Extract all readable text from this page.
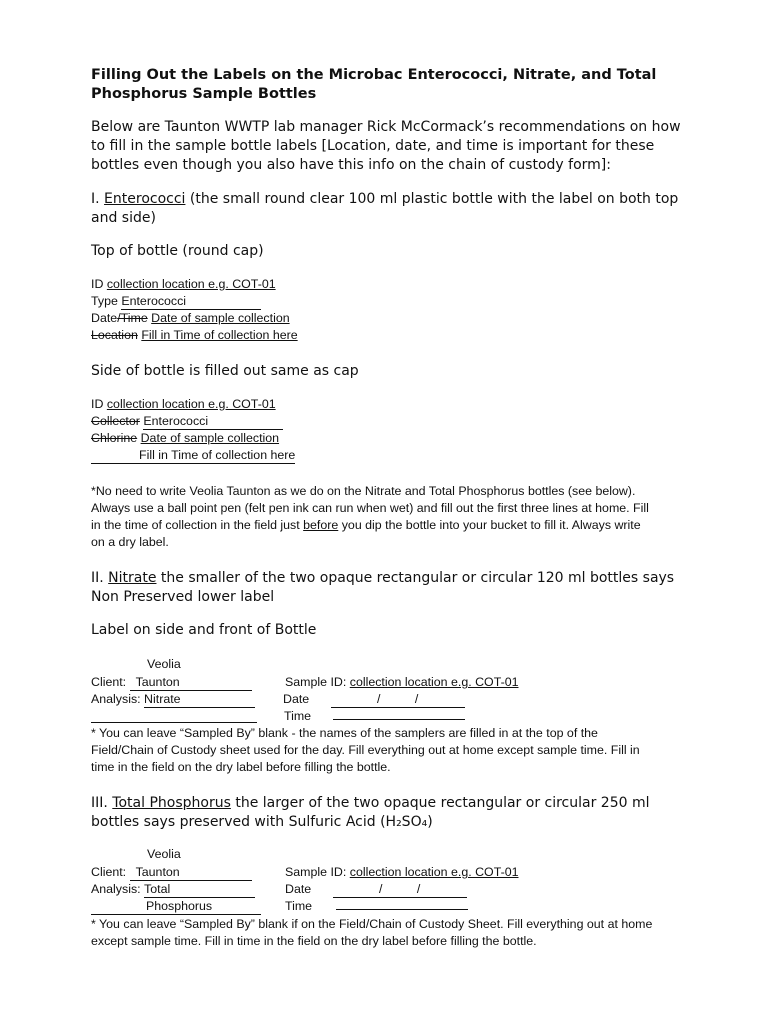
Filling Out the Labels on the Microbac Enterococci, Nitrate, and Total
Phosphorus Sample Bottles
Below are Taunton WWTP lab manager Rick McCormack’s recommendations on how
to fill in the sample bottle labels [Location, date, and time is important for these
bottles even though you also have this info on the chain of custody form]:
I. Enterococci (the small round clear 100 ml plastic bottle with the label on both top
and side)
Top of bottle (round cap)
ID collection location e.g. COT-01
Type Enterococci
Date/Time Date of sample collection
Location Fill in Time of collection here
Side of bottle is filled out same as cap
ID collection location e.g. COT-01
Collector Enterococci
Chlorine Date of sample collection
Fill in Time of collection here
*No need to write Veolia Taunton as we do on the Nitrate and Total Phosphorus bottles (see below).
Always use a ball point pen (felt pen ink can run when wet) and fill out the first three lines at home. Fill
in the time of collection in the field just before you dip the bottle into your bucket to fill it. Always write
on a dry label.
II. Nitrate the smaller of the two opaque rectangular or circular 120 ml bottles says
Non Preserved lower label
Label on side and front of Bottle
Veolia
Client: Taunton
Analysis: Nitrate
Sample ID: collection location e.g. COT-01
Date	/          /
Time
* You can leave “Sampled By” blank - the names of the samplers are filled in at the top of the
Field/Chain of Custody sheet used for the day. Fill everything out at home except sample time. Fill in
time in the field on the dry label before filling the bottle.
III. Total Phosphorus the larger of the two opaque rectangular or circular 250 ml
bottles says preserved with Sulfuric Acid (H₂SO₄)
Veolia
Client: Taunton
Analysis: Total
Phosphorus
Sample ID: collection location e.g. COT-01
Date	/          /
Time
* You can leave “Sampled By” blank if on the Field/Chain of Custody Sheet. Fill everything out at home
except sample time. Fill in time in the field on the dry label before filling the bottle.
